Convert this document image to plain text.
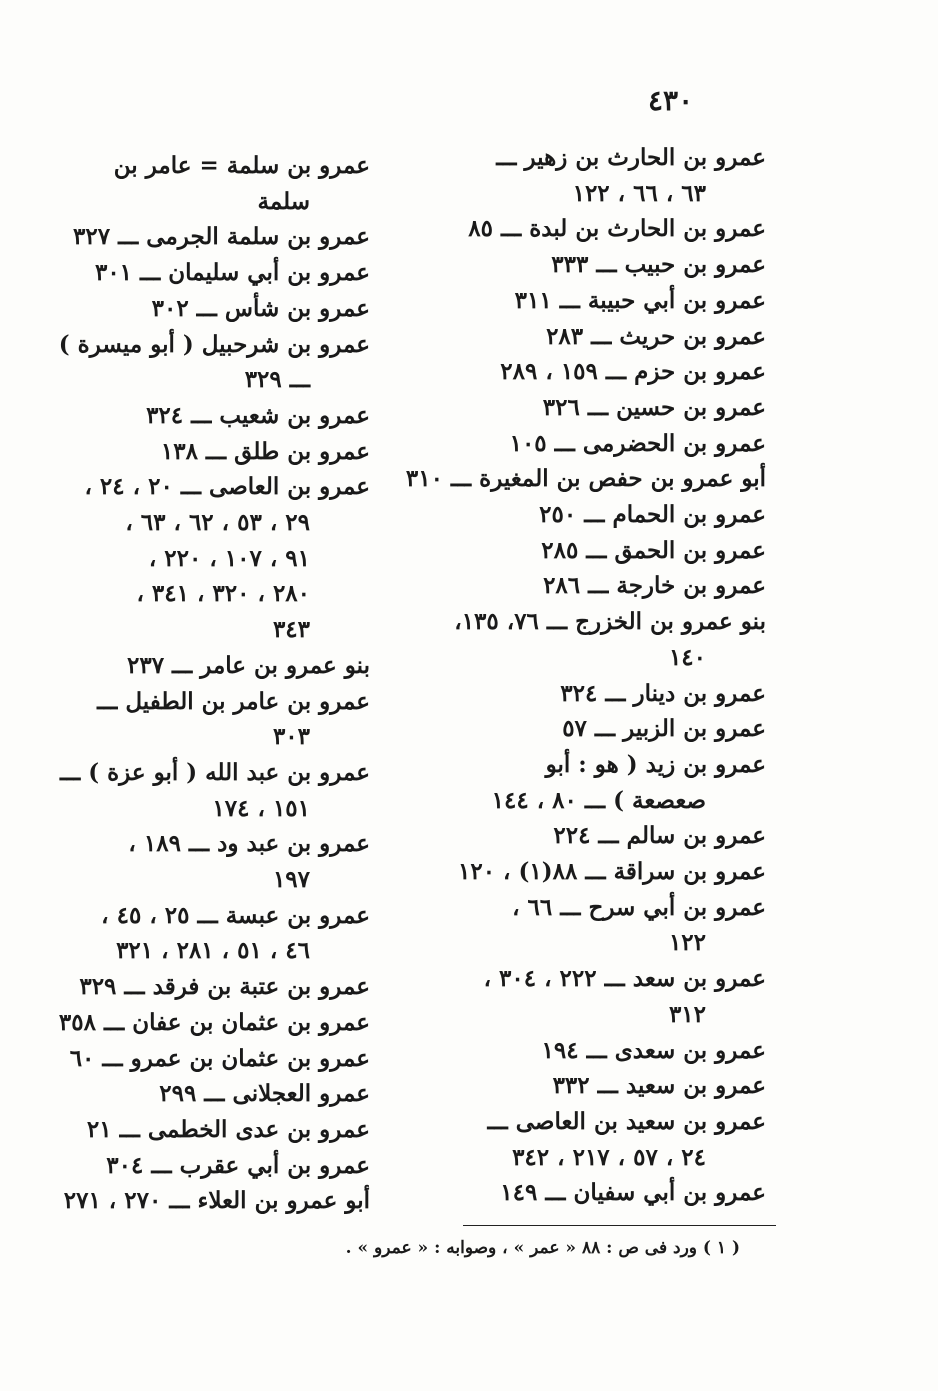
٤٣٠

عمرو بن الحارث بن زهير ـــ
٦٣ ، ٦٦ ، ١٢٢

عمرو بن الحارث بن لبدة ـــ ٨٥

عمرو بن حبيب ـــ ٣٣٣

عمرو بن أبي حبيبة ـــ ٣١١

عمرو بن حريث ـــ ٢٨٣

عمرو بن حزم ـــ ١٥٩ ، ٢٨٩

عمرو بن حسين ـــ ٣٢٦

عمرو بن الحضرمى ـــ ١٠٥

أبو عمرو بن حفص بن المغيرة ـــ ٣١٠

عمرو بن الحمام ـــ ٢٥٠

عمرو بن الحمق ـــ ٢٨٥

عمرو بن خارجة ـــ ٢٨٦

بنو عمرو بن الخزرج ـــ ٧٦، ١٣٥،
١٤٠

عمرو بن دينار ـــ ٣٢٤

عمرو بن الزبير ـــ ٥٧

عمرو بن زيد ( هو : أبو
صعصعة ) ـــ ٨٠ ، ١٤٤

عمرو بن سالم ـــ ٢٢٤

عمرو بن سراقة ـــ ٨٨(١) ، ١٢٠

عمرو بن أبي سرح ـــ ٦٦ ،
١٢٢

عمرو بن سعد ـــ ٢٢٢ ، ٣٠٤ ،
٣١٢

عمرو بن سعدى ـــ ١٩٤

عمرو بن سعيد ـــ ٣٣٢

عمرو بن سعيد بن العاصى ـــ
٢٤ ، ٥٧ ، ٢١٧ ، ٣٤٢

عمرو بن أبي سفيان ـــ ١٤٩

عمرو بن سلمة = عامر بن
سلمة

عمرو بن سلمة الجرمى ـــ ٣٢٧

عمرو بن أبي سليمان ـــ ٣٠١

عمرو بن شأس ـــ ٣٠٢

عمرو بن شرحبيل ( أبو ميسرة )
ـــ ٣٢٩

عمرو بن شعيب ـــ ٣٢٤

عمرو بن طلق ـــ ١٣٨

عمرو بن العاصى ـــ ٢٠ ، ٢٤ ،
٢٩ ، ٥٣ ، ٦٢ ، ٦٣ ،
٩١ ، ١٠٧ ، ٢٢٠ ،
٢٨٠ ، ٣٢٠ ، ٣٤١ ،
٣٤٣

بنو عمرو بن عامر ـــ ٢٣٧

عمرو بن عامر بن الطفيل ـــ
٣٠٣

عمرو بن عبد الله ( أبو عزة ) ـــ
١٥١ ، ١٧٤

عمرو بن عبد ود ـــ ١٨٩ ،
١٩٧

عمرو بن عبسة ـــ ٢٥ ، ٤٥ ،
٤٦ ، ٥١ ، ٢٨١ ، ٣٢١

عمرو بن عتبة بن فرقد ـــ ٣٢٩

عمرو بن عثمان بن عفان ـــ ٣٥٨

عمرو بن عثمان بن عمرو ـــ ٦٠

عمرو العجلانى ـــ ٢٩٩

عمرو بن عدى الخطمى ـــ ٢١

عمرو بن أبي عقرب ـــ ٣٠٤

أبو عمرو بن العلاء ـــ ٢٧٠ ، ٢٧١

( ١ ) ورد فى ص : ٨٨ « عمر » ، وصوابه : « عمرو » .
